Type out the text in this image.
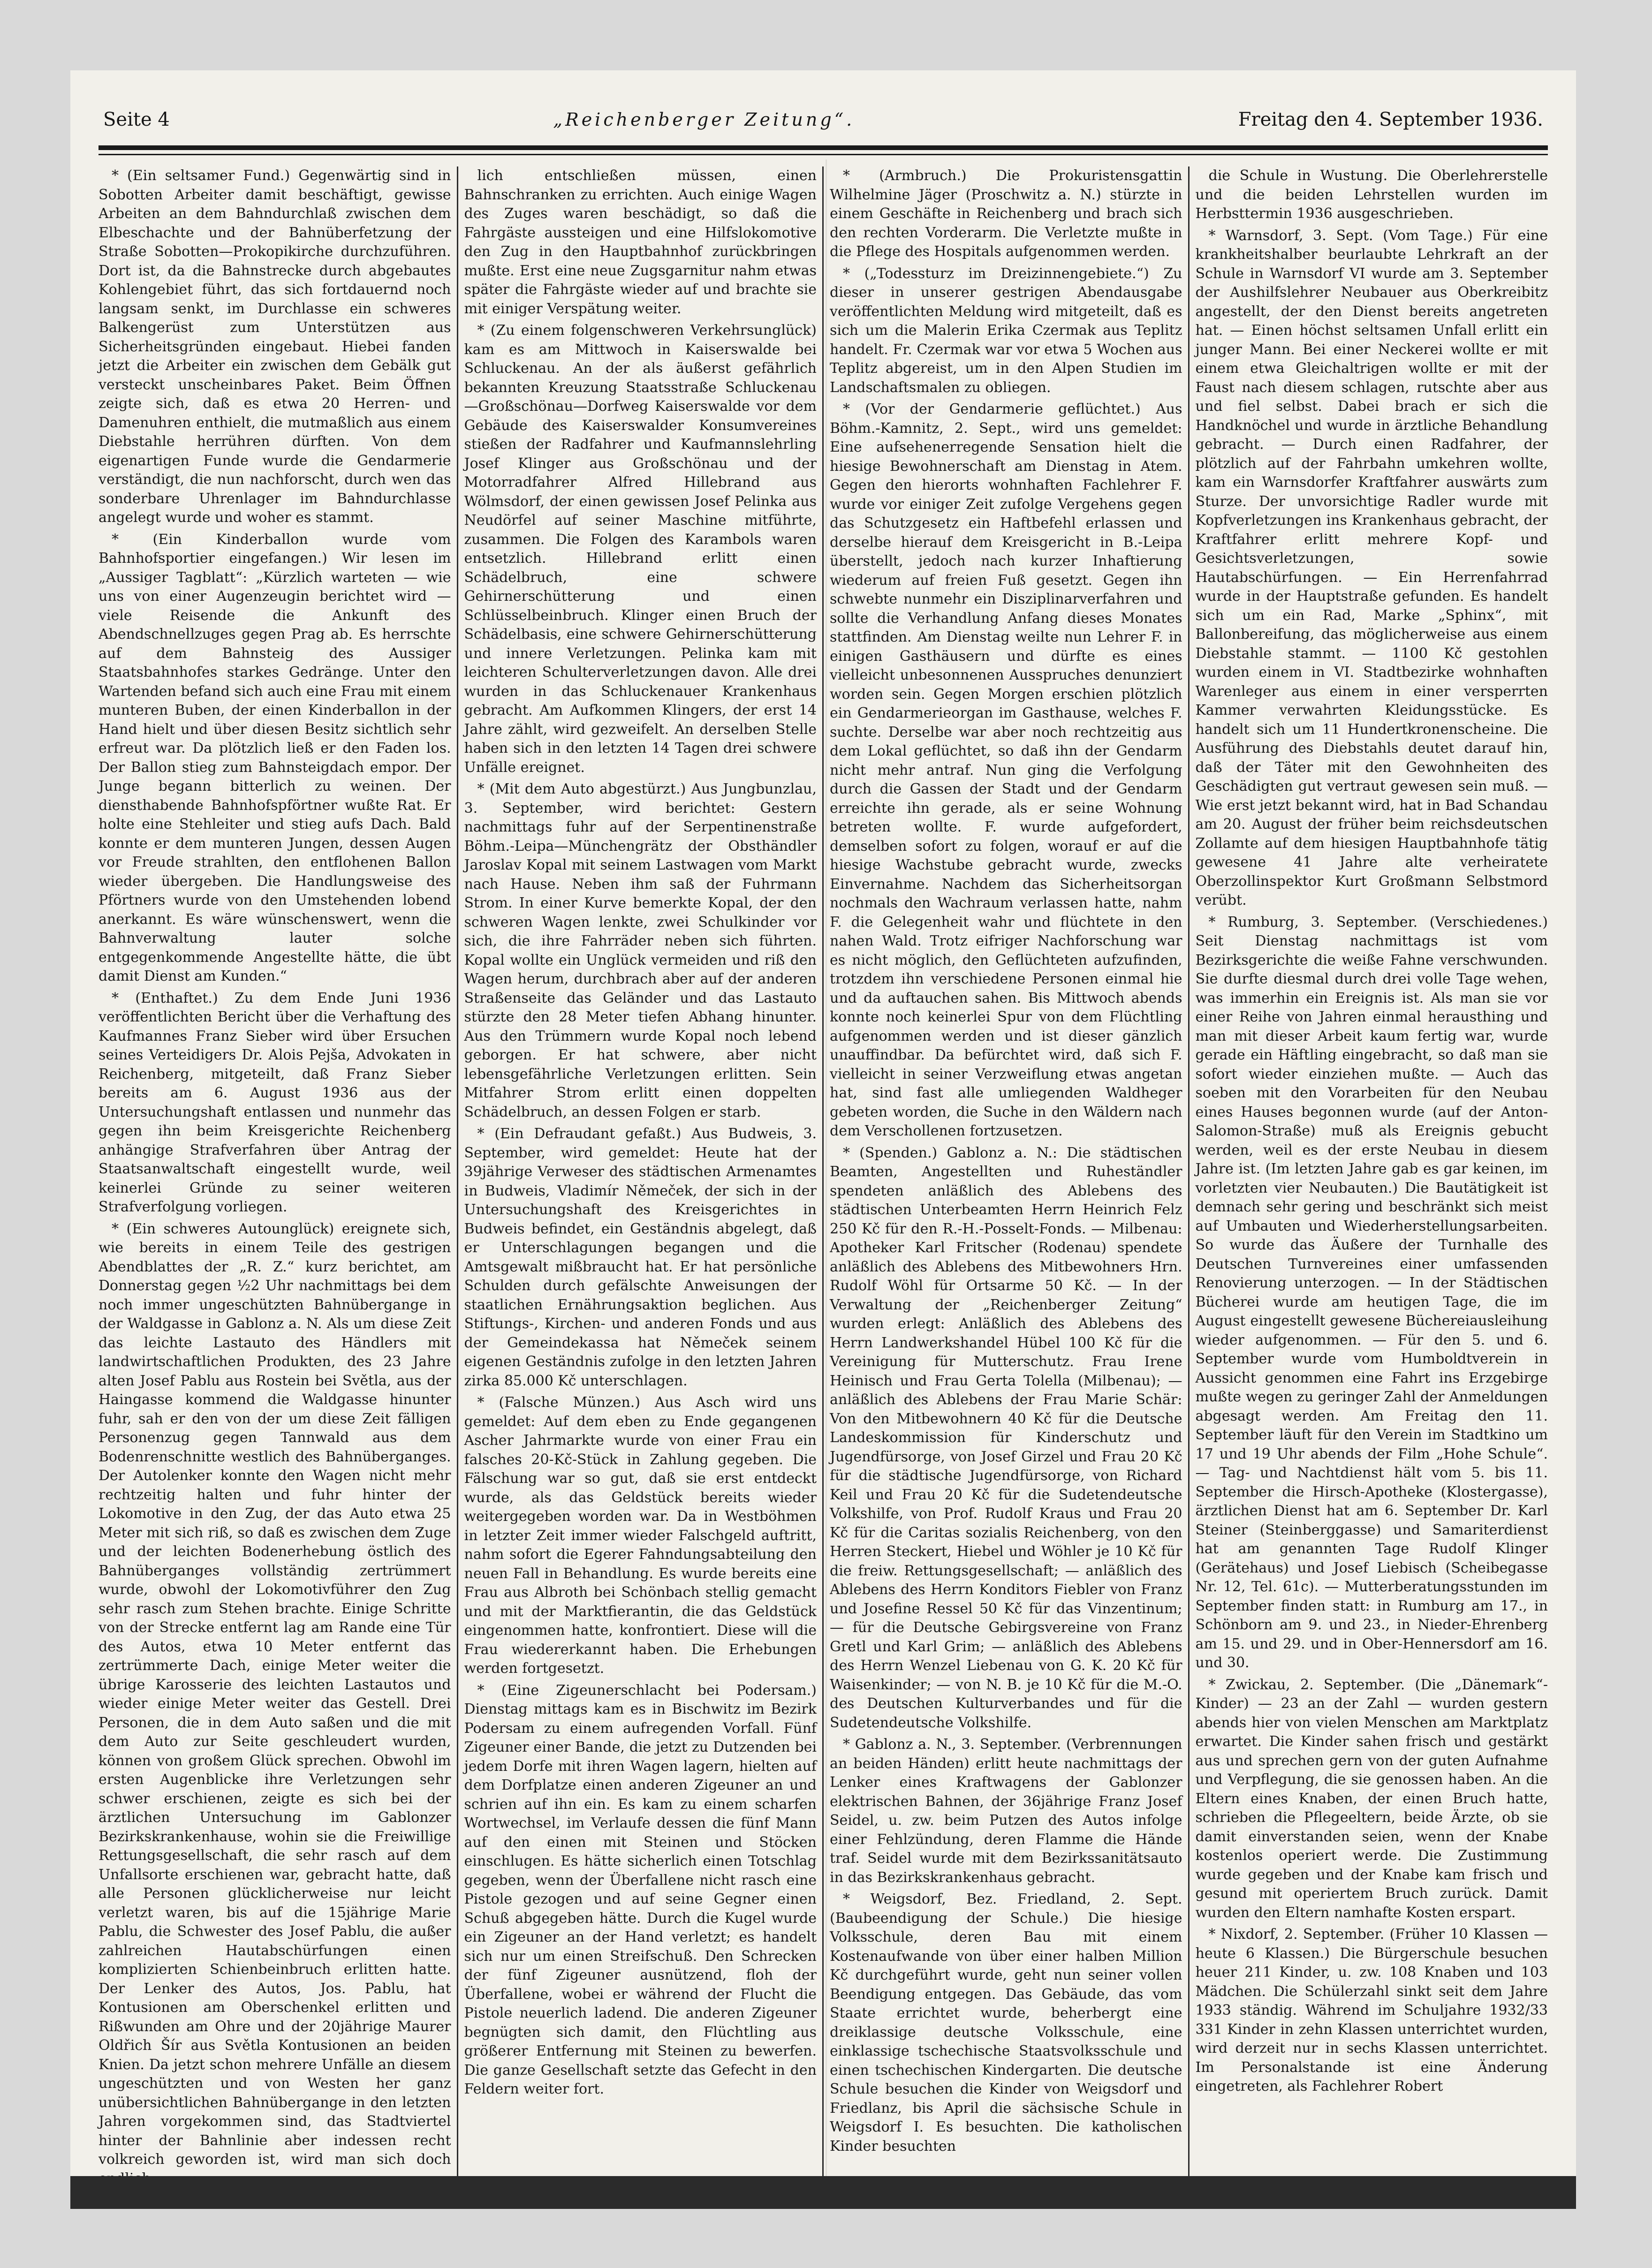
Seite 4	„Reichenberger Zeitung“.	Freitag den 4. September 1936.

* (Ein seltsamer Fund.) Gegenwärtig sind in Sobotten Arbeiter damit beschäftigt, gewisse Arbeiten an dem Bahndurchlaß zwischen dem Elbeschachte und der Bahnüberfetzung der Straße Sobotten—Prokopikirche durchzuführen. Dort ist, da die Bahnstrecke durch abgebautes Kohlengebiet führt, das sich fortdauernd noch langsam senkt, im Durchlasse ein schweres Balkengerüst zum Unterstützen aus Sicherheitsgründen eingebaut. Hiebei fanden jetzt die Arbeiter ein zwischen dem Gebälk gut versteckt unscheinbares Paket. Beim Öffnen zeigte sich, daß es etwa 20 Herren- und Damenuhren enthielt, die mutmaßlich aus einem Diebstahle herrühren dürften. Von dem eigenartigen Funde wurde die Gendarmerie verständigt, die nun nachforscht, durch wen das sonderbare Uhrenlager im Bahndurchlasse angelegt wurde und woher es stammt.

* (Ein Kinderballon wurde vom Bahnhofsportier eingefangen.) Wir lesen im „Aussiger Tagblatt“: „Kürzlich warteten — wie uns von einer Augenzeugin berichtet wird — viele Reisende die Ankunft des Abendschnellzuges gegen Prag ab. Es herrschte auf dem Bahnsteig des Aussiger Staatsbahnhofes starkes Gedränge. Unter den Wartenden befand sich auch eine Frau mit einem munteren Buben, der einen Kinderballon in der Hand hielt und über diesen Besitz sichtlich sehr erfreut war. Da plötzlich ließ er den Faden los. Der Ballon stieg zum Bahnsteigdach empor. Der Junge begann bitterlich zu weinen. Der diensthabende Bahnhofspförtner wußte Rat. Er holte eine Stehleiter und stieg aufs Dach. Bald konnte er dem munteren Jungen, dessen Augen vor Freude strahlten, den entflohenen Ballon wieder übergeben. Die Handlungsweise des Pförtners wurde von den Umstehenden lobend anerkannt. Es wäre wünschenswert, wenn die Bahnverwaltung lauter solche entgegenkommende Angestellte hätte, die übt damit Dienst am Kunden.“

* (Enthaftet.) Zu dem Ende Juni 1936 veröffentlichten Bericht über die Verhaftung des Kaufmannes Franz Sieber wird über Ersuchen seines Verteidigers Dr. Alois Pejša, Advokaten in Reichenberg, mitgeteilt, daß Franz Sieber bereits am 6. August 1936 aus der Untersuchungshaft entlassen und nunmehr das gegen ihn beim Kreisgerichte Reichenberg anhängige Strafverfahren über Antrag der Staatsanwaltschaft eingestellt wurde, weil keinerlei Gründe zu seiner weiteren Strafverfolgung vorliegen.

* (Ein schweres Autounglück) ereignete sich, wie bereits in einem Teile des gestrigen Abendblattes der „R. Z.“ kurz berichtet, am Donnerstag gegen ½2 Uhr nachmittags bei dem noch immer ungeschützten Bahnübergange in der Waldgasse in Gablonz a. N. Als um diese Zeit das leichte Lastauto des Händlers mit landwirtschaftlichen Produkten, des 23 Jahre alten Josef Pablu aus Rostein bei Světla, aus der Haingasse kommend die Waldgasse hinunter fuhr, sah er den von der um diese Zeit fälligen Personenzug gegen Tannwald aus dem Bodenrenschnitte westlich des Bahnüberganges. Der Autolenker konnte den Wagen nicht mehr rechtzeitig halten und fuhr hinter der Lokomotive in den Zug, der das Auto etwa 25 Meter mit sich riß, so daß es zwischen dem Zuge und der leichten Bodenerhebung östlich des Bahnüberganges vollständig zertrümmert wurde, obwohl der Lokomotivführer den Zug sehr rasch zum Stehen brachte. Einige Schritte von der Strecke entfernt lag am Rande eine Tür des Autos, etwa 10 Meter entfernt das zertrümmerte Dach, einige Meter weiter die übrige Karosserie des leichten Lastautos und wieder einige Meter weiter das Gestell. Drei Personen, die in dem Auto saßen und die mit dem Auto zur Seite geschleudert wurden, können von großem Glück sprechen. Obwohl im ersten Augenblicke ihre Verletzungen sehr schwer erschienen, zeigte es sich bei der ärztlichen Untersuchung im Gablonzer Bezirkskrankenhause, wohin sie die Freiwillige Rettungsgesellschaft, die sehr rasch auf dem Unfallsorte erschienen war, gebracht hatte, daß alle Personen glücklicherweise nur leicht verletzt waren, bis auf die 15jährige Marie Pablu, die Schwester des Josef Pablu, die außer zahlreichen Hautabschürfungen einen komplizierten Schienbeinbruch erlitten hatte. Der Lenker des Autos, Jos. Pablu, hat Kontusionen am Oberschenkel erlitten und Rißwunden am Ohre und der 20jährige Maurer Oldřich Šír aus Světla Kontusionen an beiden Knien. Da jetzt schon mehrere Unfälle an diesem ungeschützten und von Westen her ganz unübersichtlichen Bahnübergange in den letzten Jahren vorgekommen sind, das Stadtviertel hinter der Bahnlinie aber indessen recht volkreich geworden ist, wird man sich doch

lich entschließen müssen, einen Bahnschranken zu errichten. Auch einige Wagen des Zuges waren beschädigt, so daß die Fahrgäste aussteigen und eine Hilfslokomotive den Zug in den Hauptbahnhof zurückbringen mußte. Erst eine neue Zugsgarnitur nahm etwas später die Fahrgäste wieder auf und brachte sie mit einiger Verspätung weiter.

* (Zu einem folgenschweren Verkehrsunglück) kam es am Mittwoch in Kaiserswalde bei Schluckenau. An der als äußerst gefährlich bekannten Kreuzung Staatsstraße Schluckenau—Großschönau—Dorfweg Kaiserswalde vor dem Gebäude des Kaiserswalder Konsumvereines stießen der Radfahrer und Kaufmannslehrling Josef Klinger aus Großschönau und der Motorradfahrer Alfred Hillebrand aus Wölmsdorf, der einen gewissen Josef Pelinka aus Neudörfel auf seiner Maschine mitführte, zusammen. Die Folgen des Karambols waren entsetzlich. Hillebrand erlitt einen Schädelbruch, eine schwere Gehirnerschütterung und einen Schlüsselbeinbruch. Klinger einen Bruch der Schädelbasis, eine schwere Gehirnerschütterung und innere Verletzungen. Pelinka kam mit leichteren Schulterverletzungen davon. Alle drei wurden in das Schluckenauer Krankenhaus gebracht. Am Aufkommen Klingers, der erst 14 Jahre zählt, wird gezweifelt. An derselben Stelle haben sich in den letzten 14 Tagen drei schwere Unfälle ereignet.

* (Mit dem Auto abgestürzt.) Aus Jungbunzlau, 3. September, wird berichtet: Gestern nachmittags fuhr auf der Serpentinenstraße Böhm.-Leipa—Münchengrätz der Obsthändler Jaroslav Kopal mit seinem Lastwagen vom Markt nach Hause. Neben ihm saß der Fuhrmann Strom. In einer Kurve bemerkte Kopal, der den schweren Wagen lenkte, zwei Schulkinder vor sich, die ihre Fahrräder neben sich führten. Kopal wollte ein Unglück vermeiden und riß den Wagen herum, durchbrach aber auf der anderen Straßenseite das Geländer und das Lastauto stürzte den 28 Meter tiefen Abhang hinunter. Aus den Trümmern wurde Kopal noch lebend geborgen. Er hat schwere, aber nicht lebensgefährliche Verletzungen erlitten. Sein Mitfahrer Strom erlitt einen doppelten Schädelbruch, an dessen Folgen er starb.

* (Ein Defraudant gefaßt.) Aus Budweis, 3. September, wird gemeldet: Heute hat der 39jährige Verweser des städtischen Armenamtes in Budweis, Vladimír Němeček, der sich in der Untersuchungshaft des Kreisgerichtes in Budweis befindet, ein Geständnis abgelegt, daß er Unterschlagungen begangen und die Amtsgewalt mißbraucht hat. Er hat persönliche Schulden durch gefälschte Anweisungen der staatlichen Ernährungsaktion beglichen. Aus Stiftungs-, Kirchen- und anderen Fonds und aus der Gemeindekassa hat Němeček seinem eigenen Geständnis zufolge in den letzten Jahren zirka 85.000 Kč unterschlagen.

* (Falsche Münzen.) Aus Asch wird uns gemeldet: Auf dem eben zu Ende gegangenen Ascher Jahrmarkte wurde von einer Frau ein falsches 20-Kč-Stück in Zahlung gegeben. Die Fälschung war so gut, daß sie erst entdeckt wurde, als das Geldstück bereits wieder weitergegeben worden war. Da in Westböhmen in letzter Zeit immer wieder Falschgeld auftritt, nahm sofort die Egerer Fahndungsabteilung den neuen Fall in Behandlung. Es wurde bereits eine Frau aus Albroth bei Schönbach stellig gemacht und mit der Marktfierantin, die das Geldstück eingenommen hatte, konfrontiert. Diese will die Frau wiedererkannt haben. Die Erhebungen werden fortgesetzt.

* (Eine Zigeunerschlacht bei Podersam.) Dienstag mittags kam es in Bischwitz im Bezirk Podersam zu einem aufregenden Vorfall. Fünf Zigeuner einer Bande, die jetzt zu Dutzenden bei jedem Dorfe mit ihren Wagen lagern, hielten auf dem Dorfplatze einen anderen Zigeuner an und schrien auf ihn ein. Es kam zu einem scharfen Wortwechsel, im Verlaufe dessen die fünf Mann auf den einen mit Steinen und Stöcken einschlugen. Es hätte sicherlich einen Totschlag gegeben, wenn der Überfallene nicht rasch eine Pistole gezogen und auf seine Gegner einen Schuß abgegeben hätte. Durch die Kugel wurde ein Zigeuner an der Hand verletzt; es handelt sich nur um einen Streifschuß. Den Schrecken der fünf Zigeuner ausnützend, floh der Überfallene, wobei er während der Flucht die Pistole neuerlich ladend. Die anderen Zigeuner begnügten sich damit, den Flüchtling aus größerer Entfernung mit Steinen zu bewerfen. Die ganze Gesellschaft setzte das Gefecht in den Feldern weiter fort.

* (Armbruch.) Die Prokuristensgattin Wilhelmine Jäger (Proschwitz a. N.) stürzte in einem Geschäfte in Reichenberg und brach sich den rechten Vorderarm. Die Verletzte mußte in die Pflege des Hospitals aufgenommen werden.

* („Todessturz im Dreizinnengebiete.“) Zu dieser in unserer gestrigen Abendausgabe veröffentlichten Meldung wird mitgeteilt, daß es sich um die Malerin Erika Czermak aus Teplitz handelt. Fr. Czermak war vor etwa 5 Wochen aus Teplitz abgereist, um in den Alpen Studien im Landschaftsmalen zu obliegen.

* (Vor der Gendarmerie geflüchtet.) Aus Böhm.-Kamnitz, 2. Sept., wird uns gemeldet: Eine aufsehenerregende Sensation hielt die hiesige Bewohnerschaft am Dienstag in Atem. Gegen den hierorts wohnhaften Fachlehrer F. wurde vor einiger Zeit zufolge Vergehens gegen das Schutzgesetz ein Haftbefehl erlassen und derselbe hierauf dem Kreisgericht in B.-Leipa überstellt, jedoch nach kurzer Inhaftierung wiederum auf freien Fuß gesetzt. Gegen ihn schwebte nunmehr ein Disziplinarverfahren und sollte die Verhandlung Anfang dieses Monates stattfinden. Am Dienstag weilte nun Lehrer F. in einigen Gasthäusern und dürfte es eines vielleicht unbesonnenen Ausspruches denunziert worden sein. Gegen Morgen erschien plötzlich ein Gendarmerieorgan im Gasthause, welches F. suchte. Derselbe war aber noch rechtzeitig aus dem Lokal geflüchtet, so daß ihn der Gendarm nicht mehr antraf. Nun ging die Verfolgung durch die Gassen der Stadt und der Gendarm erreichte ihn gerade, als er seine Wohnung betreten wollte. F. wurde aufgefordert, demselben sofort zu folgen, worauf er auf die hiesige Wachstube gebracht wurde, zwecks Einvernahme. Nachdem das Sicherheitsorgan nochmals den Wachraum verlassen hatte, nahm F. die Gelegenheit wahr und flüchtete in den nahen Wald. Trotz eifriger Nachforschung war es nicht möglich, den Geflüchteten aufzufinden, trotzdem ihn verschiedene Personen einmal hie und da auftauchen sahen. Bis Mittwoch abends konnte noch keinerlei Spur von dem Flüchtling aufgenommen werden und ist dieser gänzlich unauffindbar. Da befürchtet wird, daß sich F. vielleicht in seiner Verzweiflung etwas angetan hat, sind fast alle umliegenden Waldheger gebeten worden, die Suche in den Wäldern nach dem Verschollenen fortzusetzen.

* (Spenden.) Gablonz a. N.: Die städtischen Beamten, Angestellten und Ruheständler spendeten anläßlich des Ablebens des städtischen Unterbeamten Herrn Heinrich Felz 250 Kč für den R.-H.-Posselt-Fonds. — Milbenau: Apotheker Karl Fritscher (Rodenau) spendete anläßlich des Ablebens des Mitbewohners Hrn. Rudolf Wöhl für Ortsarme 50 Kč. — In der Verwaltung der „Reichenberger Zeitung“ wurden erlegt: Anläßlich des Ablebens des Herrn Landwerkshandel Hübel 100 Kč für die Vereinigung für Mutterschutz. Frau Irene Heinisch und Frau Gerta Tolella (Milbenau); — anläßlich des Ablebens der Frau Marie Schär: Von den Mitbewohnern 40 Kč für die Deutsche Landeskommission für Kinderschutz und Jugendfürsorge, von Josef Girzel und Frau 20 Kč für die städtische Jugendfürsorge, von Richard Keil und Frau 20 Kč für die Sudetendeutsche Volkshilfe, von Prof. Rudolf Kraus und Frau 20 Kč für die Caritas sozialis Reichenberg, von den Herren Steckert, Hiebel und Wöhler je 10 Kč für die freiw. Rettungsgesellschaft; — anläßlich des Ablebens des Herrn Konditors Fiebler von Franz und Josefine Ressel 50 Kč für das Vinzentinum; — für die Deutsche Gebirgsvereine von Franz Gretl und Karl Grim; — anläßlich des Ablebens des Herrn Wenzel Liebenau von G. K. 20 Kč für Waisenkinder; — von N. B. je 10 Kč für die M.-O. des Deutschen Kulturverbandes und für die Sudetendeutsche Volkshilfe.

* Gablonz a. N., 3. September. (Verbrennungen an beiden Händen) erlitt heute nachmittags der Lenker eines Kraftwagens der Gablonzer elektrischen Bahnen, der 36jährige Franz Josef Seidel, u. zw. beim Putzen des Autos infolge einer Fehlzündung, deren Flamme die Hände traf. Seidel wurde mit dem Bezirkssanitätsauto in das Bezirkskrankenhaus gebracht.

* Weigsdorf, Bez. Friedland, 2. Sept. (Baubeendigung der Schule.) Die hiesige Volksschule, deren Bau mit einem Kostenaufwande von über einer halben Million Kč durchgeführt wurde, geht nun seiner vollen Beendigung entgegen. Das Gebäude, das vom Staate errichtet wurde, beherbergt eine dreiklassige deutsche Volksschule, eine einklassige tschechische Staatsvolksschule und einen tschechischen Kindergarten. Die deutsche Schule besuchen die Kinder von Weigsdorf und Friedlanz, bis April die sächsische Schule in Weigsdorf I. Es besuchten. Die katholischen Kinder besuchten

die Schule in Wustung. Die Oberlehrerstelle und die beiden Lehrstellen wurden im Herbsttermin 1936 ausgeschrieben.

* Warnsdorf, 3. Sept. (Vom Tage.) Für eine krankheitshalber beurlaubte Lehrkraft an der Schule in Warnsdorf VI wurde am 3. September der Aushilfslehrer Neubauer aus Oberkreibitz angestellt, der den Dienst bereits angetreten hat. — Einen höchst seltsamen Unfall erlitt ein junger Mann. Bei einer Neckerei wollte er mit einem etwa Gleichaltrigen wollte er mit der Faust nach diesem schlagen, rutschte aber aus und fiel selbst. Dabei brach er sich die Handknöchel und wurde in ärztliche Behandlung gebracht. — Durch einen Radfahrer, der plötzlich auf der Fahrbahn umkehren wollte, kam ein Warnsdorfer Kraftfahrer auswärts zum Sturze. Der unvorsichtige Radler wurde mit Kopfverletzungen ins Krankenhaus gebracht, der Kraftfahrer erlitt mehrere Kopf- und Gesichtsverletzungen, sowie Hautabschürfungen. — Ein Herrenfahrrad wurde in der Hauptstraße gefunden. Es handelt sich um ein Rad, Marke „Sphinx“, mit Ballonbereifung, das möglicherweise aus einem Diebstahle stammt. — 1100 Kč gestohlen wurden einem in VI. Stadtbezirke wohnhaften Warenleger aus einem in einer versperrten Kammer verwahrten Kleidungsstücke. Es handelt sich um 11 Hundertkronenscheine. Die Ausführung des Diebstahls deutet darauf hin, daß der Täter mit den Gewohnheiten des Geschädigten gut vertraut gewesen sein muß. — Wie erst jetzt bekannt wird, hat in Bad Schandau am 20. August der früher beim reichsdeutschen Zollamte auf dem hiesigen Hauptbahnhofe tätig gewesene 41 Jahre alte verheiratete Oberzollinspektor Kurt Großmann Selbstmord verübt.

* Rumburg, 3. September. (Verschiedenes.) Seit Dienstag nachmittags ist vom Bezirksgerichte die weiße Fahne verschwunden. Sie durfte diesmal durch drei volle Tage wehen, was immerhin ein Ereignis ist. Als man sie vor einer Reihe von Jahren einmal herausthing und man mit dieser Arbeit kaum fertig war, wurde gerade ein Häftling eingebracht, so daß man sie sofort wieder einziehen mußte. — Auch das soeben mit den Vorarbeiten für den Neubau eines Hauses begonnen wurde (auf der Anton-Salomon-Straße) muß als Ereignis gebucht werden, weil es der erste Neubau in diesem Jahre ist. (Im letzten Jahre gab es gar keinen, im vorletzten vier Neubauten.) Die Bautätigkeit ist demnach sehr gering und beschränkt sich meist auf Umbauten und Wiederherstellungsarbeiten. So wurde das Äußere der Turnhalle des Deutschen Turnvereines einer umfassenden Renovierung unterzogen. — In der Städtischen Bücherei wurde am heutigen Tage, die im August eingestellt gewesene Büchereiausleihung wieder aufgenommen. — Für den 5. und 6. September wurde vom Humboldtverein in Aussicht genommen eine Fahrt ins Erzgebirge mußte wegen zu geringer Zahl der Anmeldungen abgesagt werden. Am Freitag den 11. September läuft für den Verein im Stadtkino um 17 und 19 Uhr abends der Film „Hohe Schule“. — Tag- und Nachtdienst hält vom 5. bis 11. September die Hirsch-Apotheke (Klostergasse), ärztlichen Dienst hat am 6. September Dr. Karl Steiner (Steinberggasse) und Samariterdienst hat am genannten Tage Rudolf Klinger (Gerätehaus) und Josef Liebisch (Scheibegasse Nr. 12, Tel. 61c). — Mutterberatungsstunden im September finden statt: in Rumburg am 17., in Schönborn am 9. und 23., in Nieder-Ehrenberg am 15. und 29. und in Ober-Hennersdorf am 16. und 30.

* Zwickau, 2. September. (Die „Dänemark“-Kinder) — 23 an der Zahl — wurden gestern abends hier von vielen Menschen am Marktplatz erwartet. Die Kinder sahen frisch und gestärkt aus und sprechen gern von der guten Aufnahme und Verpflegung, die sie genossen haben. An die Eltern eines Knaben, der einen Bruch hatte, schrieben die Pflegeeltern, beide Ärzte, ob sie damit einverstanden seien, wenn der Knabe kostenlos operiert werde. Die Zustimmung wurde gegeben und der Knabe kam frisch und gesund mit operiertem Bruch zurück. Damit wurden den Eltern namhafte Kosten erspart.

* Nixdorf, 2. September. (Früher 10 Klassen — heute 6 Klassen.) Die Bürgerschule besuchen heuer 211 Kinder, u. zw. 108 Knaben und 103 Mädchen. Die Schülerzahl sinkt seit dem Jahre 1933 ständig. Während im Schuljahre 1932/33 331 Kinder in zehn Klassen unterrichtet wurden, wird derzeit nur in sechs Klassen unterrichtet. Im Personalstande ist eine Änderung eingetreten, als Fachlehrer Robert
